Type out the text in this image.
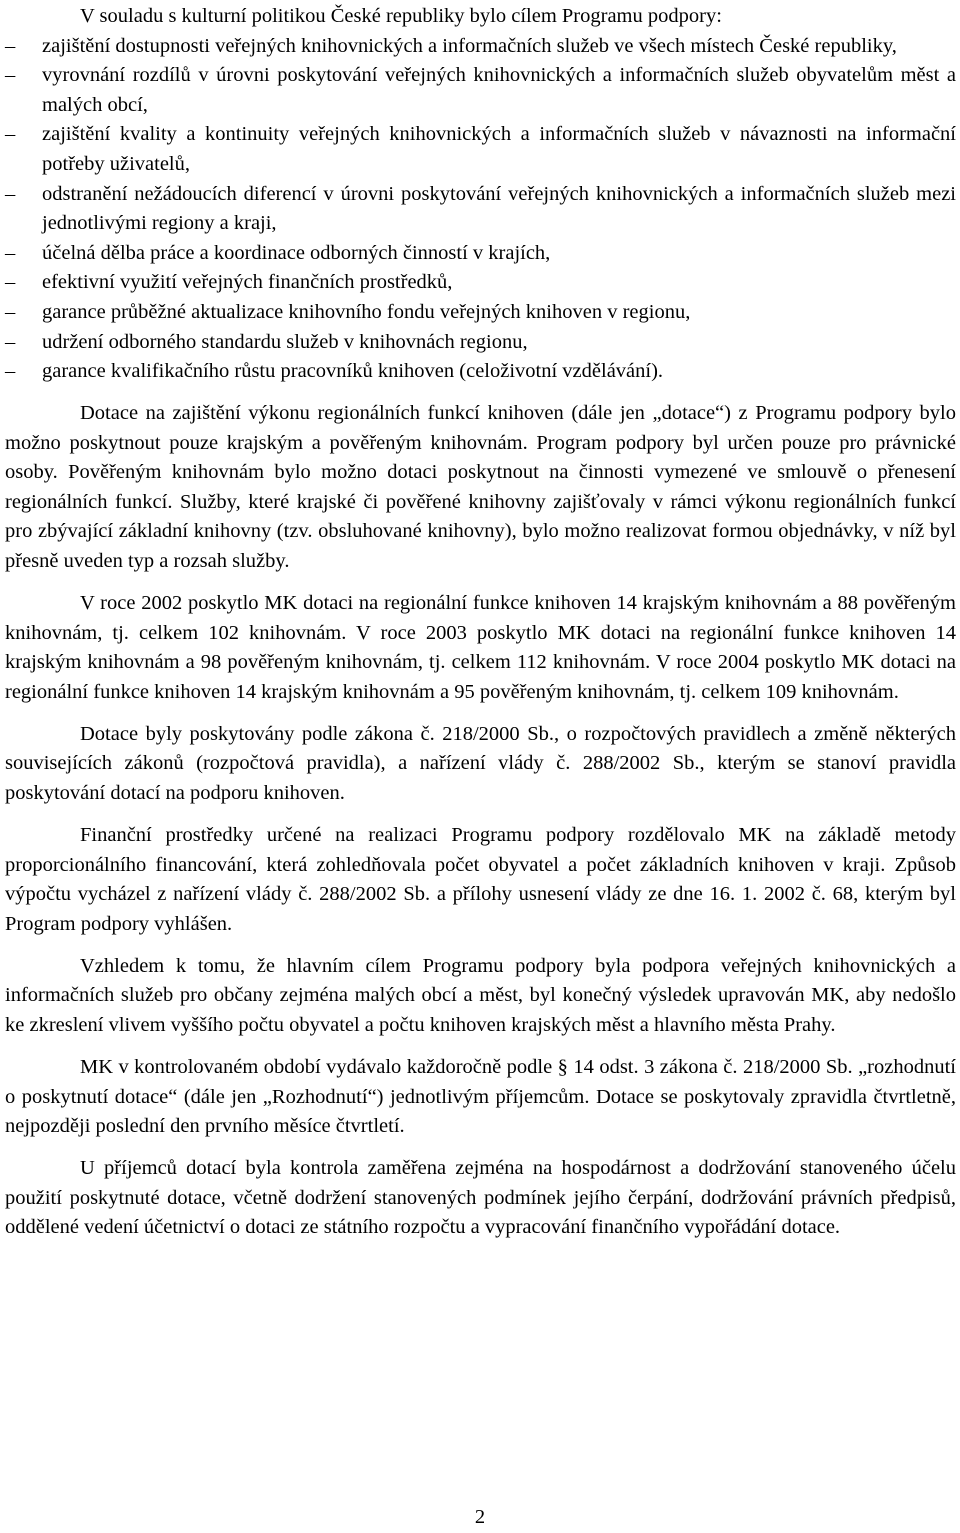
V souladu s kulturní politikou České republiky bylo cílem Programu podpory:

– zajištění dostupnosti veřejných knihovnických a informačních služeb ve všech místech České republiky,
– vyrovnání rozdílů v úrovni poskytování veřejných knihovnických a informačních služeb obyvatelům měst a malých obcí,
– zajištění kvality a kontinuity veřejných knihovnických a informačních služeb v návaznosti na informační potřeby uživatelů,
– odstranění nežádoucích diferencí v úrovni poskytování veřejných knihovnických a informačních služeb mezi jednotlivými regiony a kraji,
– účelná dělba práce a koordinace odborných činností v krajích,
– efektivní využití veřejných finančních prostředků,
– garance průběžné aktualizace knihovního fondu veřejných knihoven v regionu,
– udržení odborného standardu služeb v knihovnách regionu,
– garance kvalifikačního růstu pracovníků knihoven (celoživotní vzdělávání).

Dotace na zajištění výkonu regionálních funkcí knihoven (dále jen „dotace“) z Programu podpory bylo možno poskytnout pouze krajským a pověřeným knihovnám. Program podpory byl určen pouze pro právnické osoby. Pověřeným knihovnám bylo možno dotaci poskytnout na činnosti vymezené ve smlouvě o přenesení regionálních funkcí. Služby, které krajské či pověřené knihovny zajišťovaly v rámci výkonu regionálních funkcí pro zbývající základní knihovny (tzv. obsluhované knihovny), bylo možno realizovat formou objednávky, v níž byl přesně uveden typ a rozsah služby.

V roce 2002 poskytlo MK dotaci na regionální funkce knihoven 14 krajským knihovnám a 88 pověřeným knihovnám, tj. celkem 102 knihovnám. V roce 2003 poskytlo MK dotaci na regionální funkce knihoven 14 krajským knihovnám a 98 pověřeným knihovnám, tj. celkem 112 knihovnám. V roce 2004 poskytlo MK dotaci na regionální funkce knihoven 14 krajským knihovnám a 95 pověřeným knihovnám, tj. celkem 109 knihovnám.

Dotace byly poskytovány podle zákona č. 218/2000 Sb., o rozpočtových pravidlech a změně některých souvisejících zákonů (rozpočtová pravidla), a nařízení vlády č. 288/2002 Sb., kterým se stanoví pravidla poskytování dotací na podporu knihoven.

Finanční prostředky určené na realizaci Programu podpory rozdělovalo MK na základě metody proporcionálního financování, která zohledňovala počet obyvatel a počet základních knihoven v kraji. Způsob výpočtu vycházel z nařízení vlády č. 288/2002 Sb. a přílohy usnesení vlády ze dne 16. 1. 2002 č. 68, kterým byl Program podpory vyhlášen.

Vzhledem k tomu, že hlavním cílem Programu podpory byla podpora veřejných knihovnických a informačních služeb pro občany zejména malých obcí a měst, byl konečný výsledek upravován MK, aby nedošlo ke zkreslení vlivem vyššího počtu obyvatel a počtu knihoven krajských měst a hlavního města Prahy.

MK v kontrolovaném období vydávalo každoročně podle § 14 odst. 3 zákona č. 218/2000 Sb. „rozhodnutí o poskytnutí dotace“ (dále jen „Rozhodnutí“) jednotlivým příjemcům. Dotace se poskytovaly zpravidla čtvrtletně, nejpozději poslední den prvního měsíce čtvrtletí.

U příjemců dotací byla kontrola zaměřena zejména na hospodárnost a dodržování stanoveného účelu použití poskytnuté dotace, včetně dodržení stanovených podmínek jejího čerpání, dodržování právních předpisů, oddělené vedení účetnictví o dotaci ze státního rozpočtu a vypracování finančního vypořádání dotace.

2
